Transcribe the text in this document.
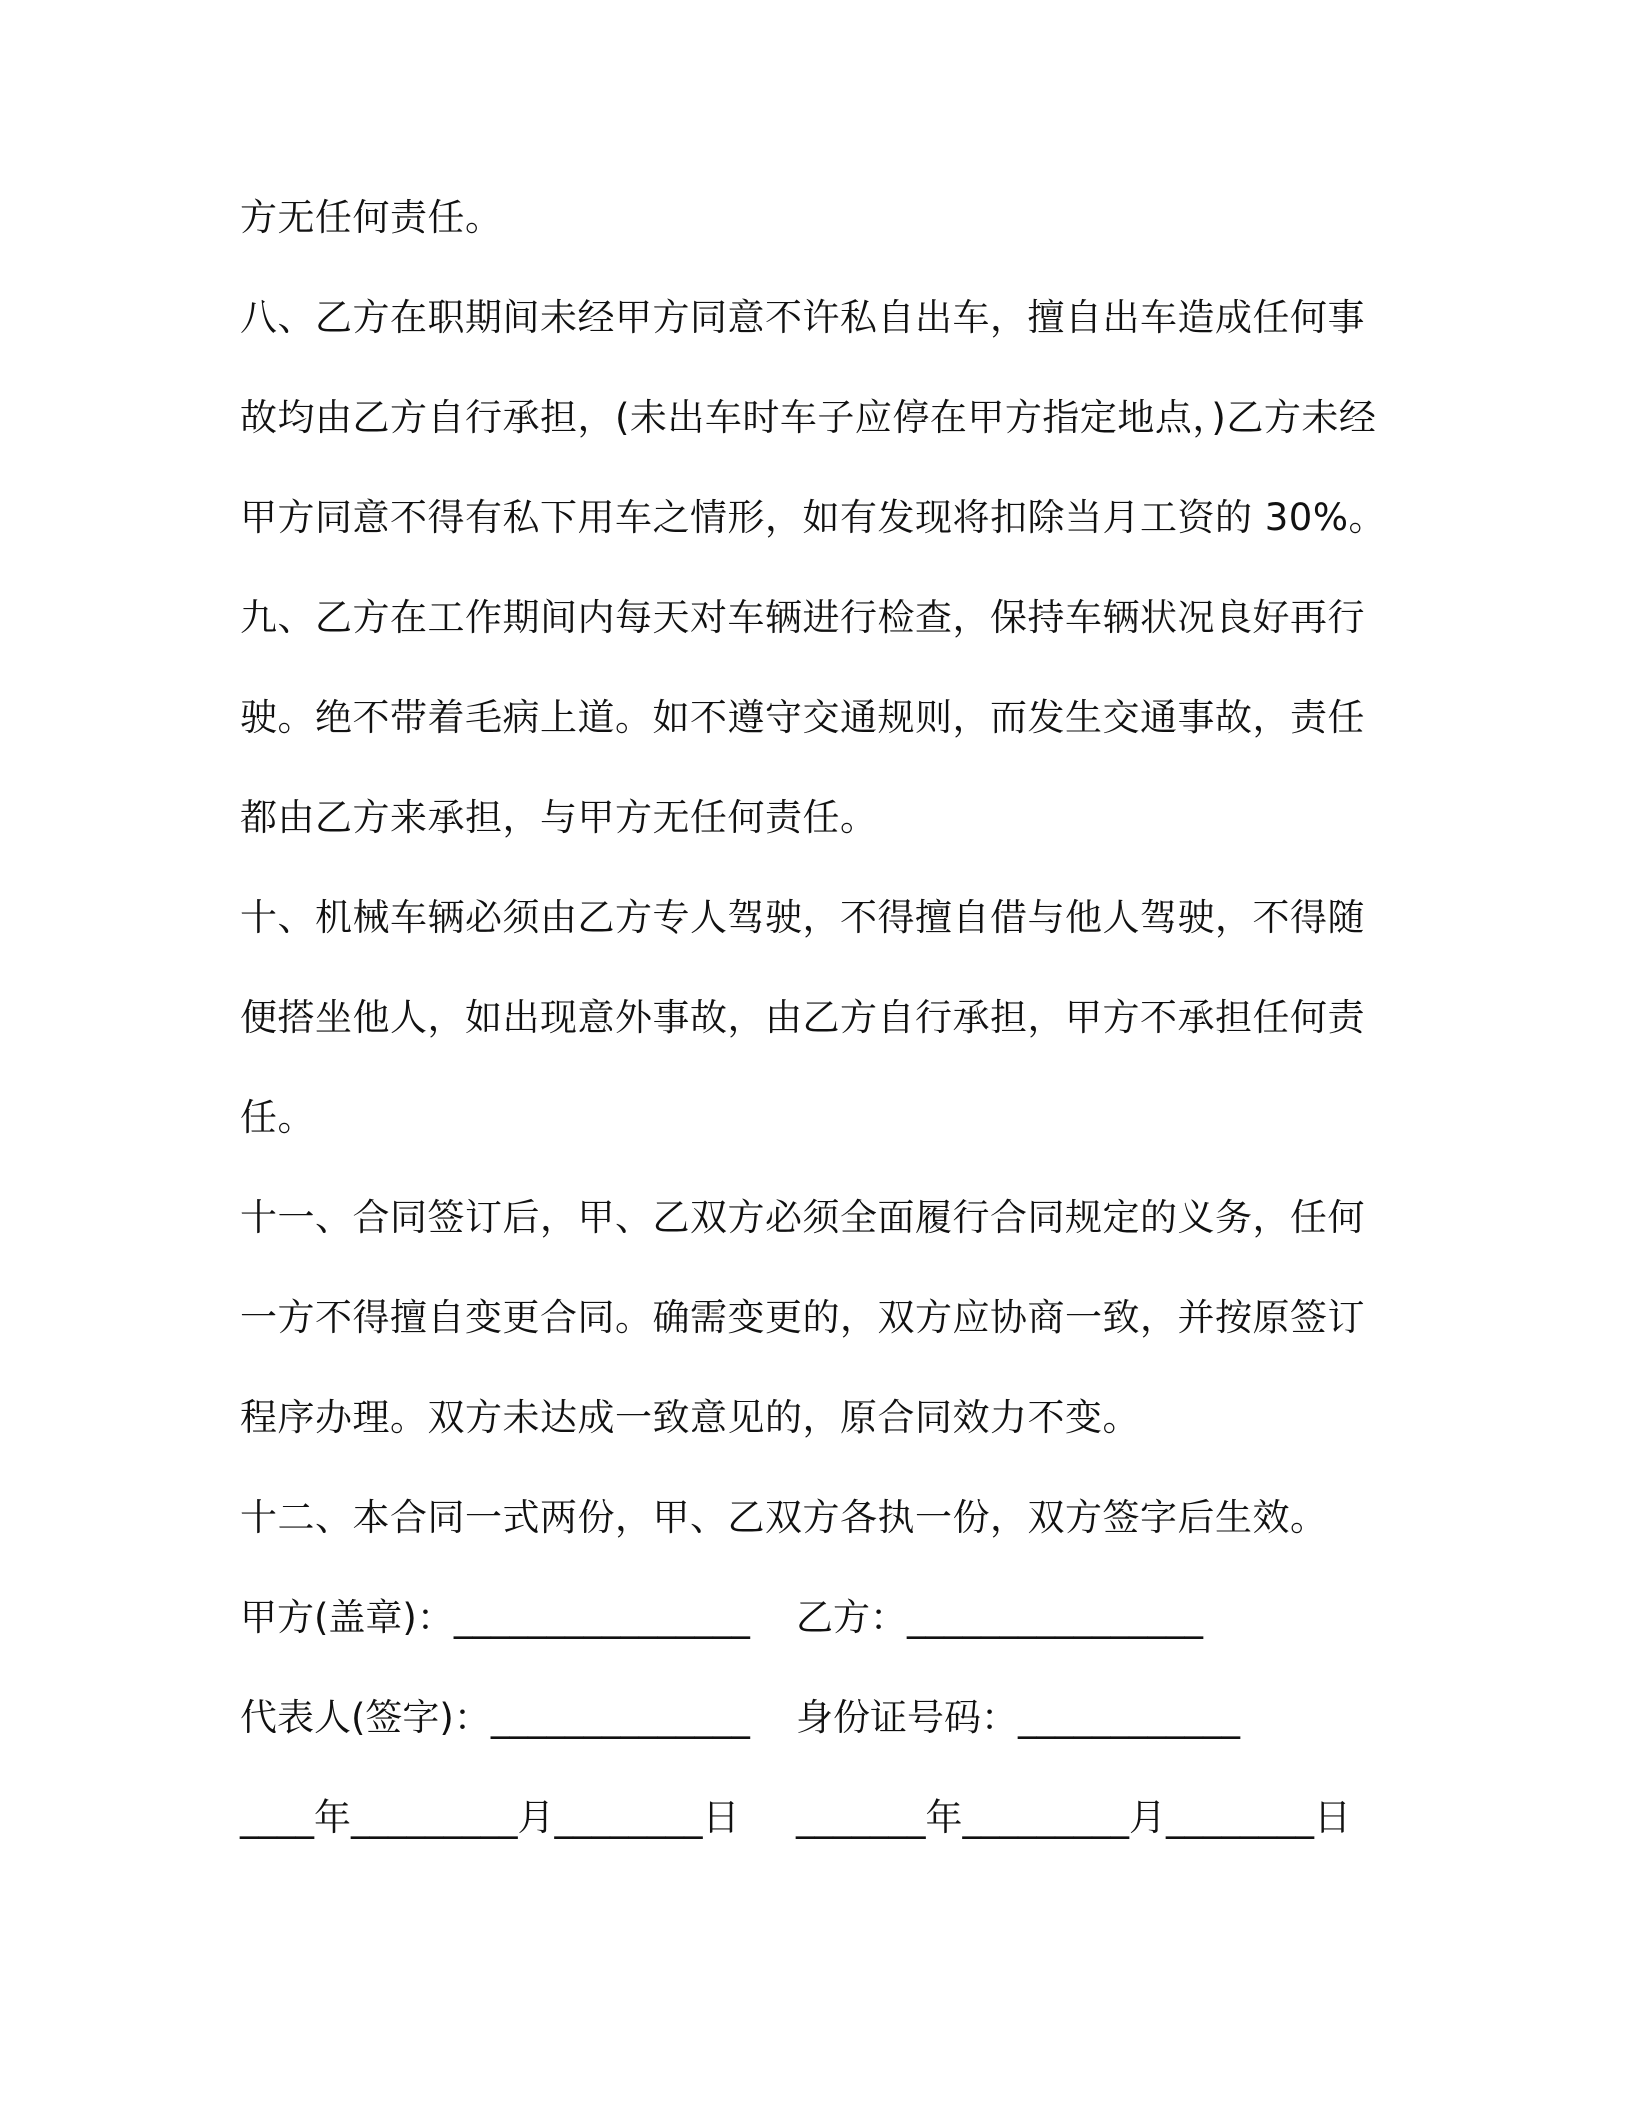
方无任何责任。
八、乙方在职期间未经甲方同意不许私自出车，擅自出车造成任何事
故均由乙方自行承担，(未出车时车子应停在甲方指定地点，)乙方未经
甲方同意不得有私下用车之情形，如有发现将扣除当月工资的 30%。
九、乙方在工作期间内每天对车辆进行检查，保持车辆状况良好再行
驶。绝不带着毛病上道。如不遵守交通规则，而发生交通事故，责任
都由乙方来承担，与甲方无任何责任。
十、机械车辆必须由乙方专人驾驶，不得擅自借与他人驾驶，不得随
便搭坐他人，如出现意外事故，由乙方自行承担，甲方不承担任何责
任。
十一、合同签订后，甲、乙双方必须全面履行合同规定的义务，任何
一方不得擅自变更合同。确需变更的，双方应协商一致，并按原签订
程序办理。双方未达成一致意见的，原合同效力不变。
十二、本合同一式两份，甲、乙双方各执一份，双方签字后生效。
甲方(盖章)：________________ 乙方：________________
代表人(签字)：______________ 身份证号码：____________
____年_________月________日 _______年_________月________日
